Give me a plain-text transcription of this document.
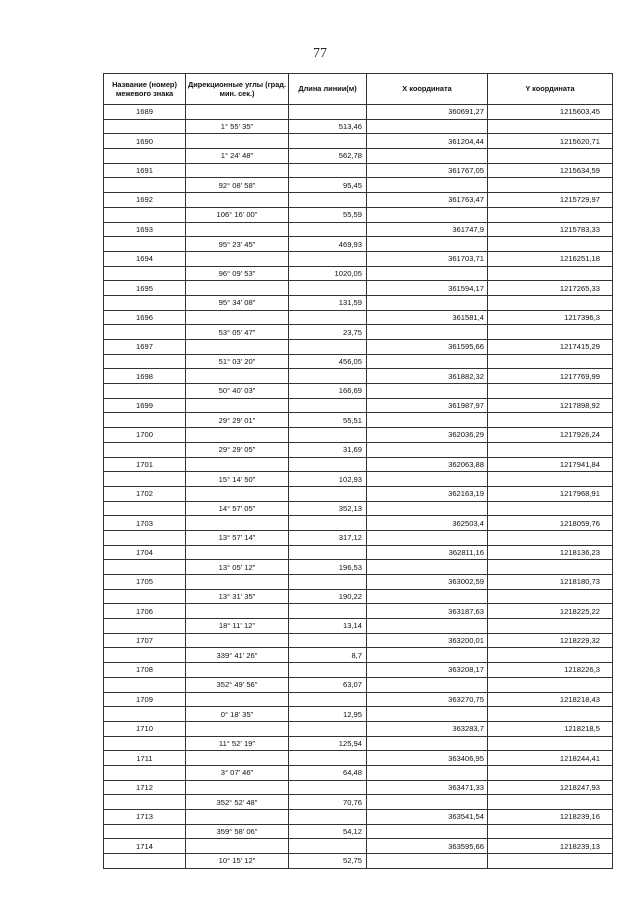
77
Название (номер) межевого знака	Дирекционные углы (град. мин. сек.)	Длина линии(м)	X координата	Y координата
1689			360691,27	1215603,45
	1° 55' 35"	513,46		
1690			361204,44	1215620,71
	1° 24' 48"	562,78		
1691			361767,05	1215634,59
	92° 08' 58"	95,45		
1692			361763,47	1215729,97
	106° 16' 00"	55,59		
1693			361747,9	1215783,33
	95° 23' 45"	469,93		
1694			361703,71	1216251,18
	96° 09' 53"	1020,05		
1695			361594,17	1217265,33
	95° 34' 08"	131,59		
1696			361581,4	1217396,3
	53° 05' 47"	23,75		
1697			361595,66	1217415,29
	51° 03' 20"	456,05		
1698			361882,32	1217769,99
	50° 40' 03"	166,69		
1699			361987,97	1217898,92
	29° 29' 01"	55,51		
1700			362036,29	1217926,24
	29° 29' 05"	31,69		
1701			362063,88	1217941,84
	15° 14' 50"	102,93		
1702			362163,19	1217968,91
	14° 57' 05"	352,13		
1703			362503,4	1218059,76
	13° 57' 14"	317,12		
1704			362811,16	1218136,23
	13° 05' 12"	196,53		
1705			363002,59	1218180,73
	13° 31' 35"	190,22		
1706			363187,63	1218225,22
	18° 11' 12"	13,14		
1707			363200,01	1218229,32
	339° 41' 26"	8,7		
1708			363208,17	1218226,3
	352° 49' 56"	63,07		
1709			363270,75	1218218,43
	0° 18' 35"	12,95		
1710			363283,7	1218218,5
	11° 52' 19"	125,94		
1711			363406,95	1218244,41
	3° 07' 46"	64,48		
1712			363471,33	1218247,93
	352° 52' 48"	70,76		
1713			363541,54	1218239,16
	359° 58' 06"	54,12		
1714			363595,66	1218239,13
	10° 15' 12"	52,75		
